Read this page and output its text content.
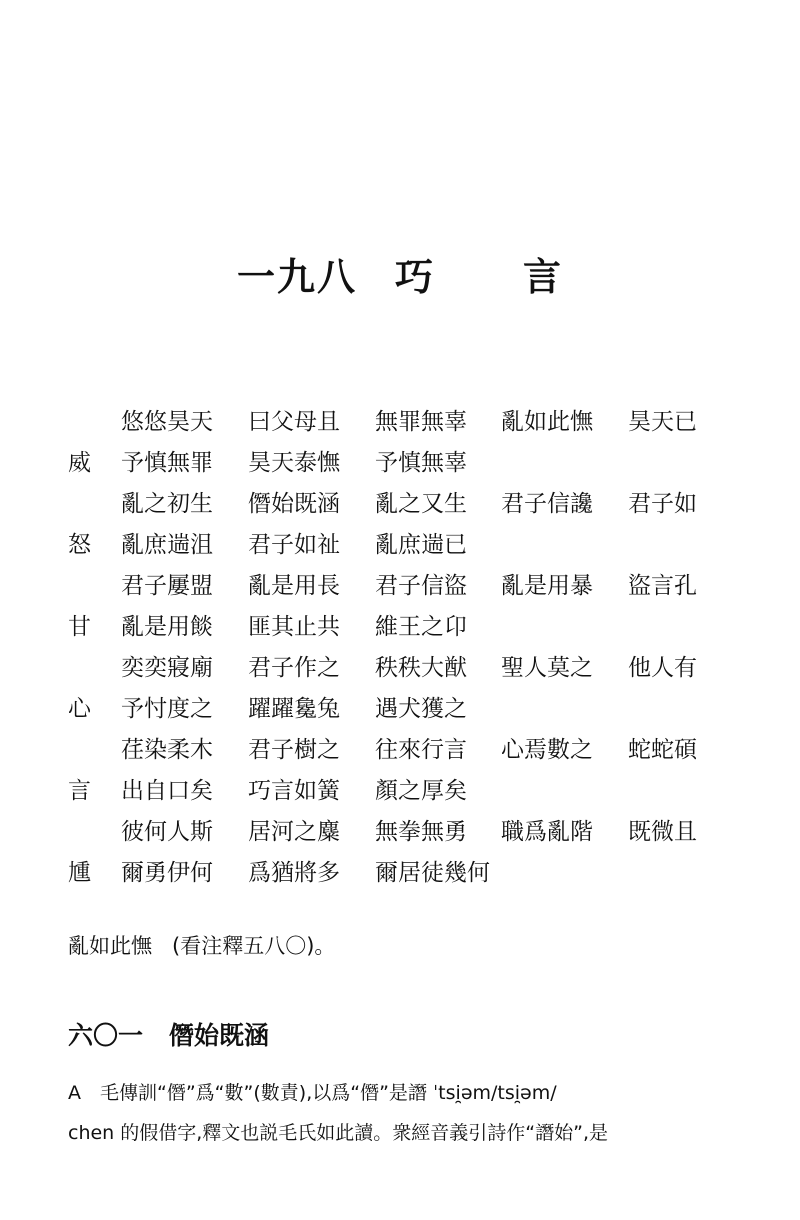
一九八 巧 言
悠悠昊天 曰父母且 無罪無辜 亂如此憮 昊天已
威 予慎無罪 昊天泰憮 予慎無辜
亂之初生 僭始既涵 亂之又生 君子信讒 君子如
怒 亂庶遄沮 君子如祉 亂庶遄已
君子屢盟 亂是用長 君子信盜 亂是用暴 盜言孔
甘 亂是用餤 匪其止共 維王之卬
奕奕寢廟 君子作之 秩秩大猷 聖人莫之 他人有
心 予忖度之 躍躍毚兔 遇犬獲之
荏染柔木 君子樹之 往來行言 心焉數之 蛇蛇碩
言 出自口矣 巧言如簧 顏之厚矣
彼何人斯 居河之麋 無拳無勇 職爲亂階 既微且
尰 爾勇伊何 爲猶將多 爾居徒幾何
亂如此憮 (看注釋五八〇)。
六〇一 僭始既涵
A　毛傳訓“僭”爲“數”(數責),以爲“僭”是譖 ˈtsi̯əm/tsi̯əm/
chen 的假借字,釋文也説毛氏如此讀。衆經音義引詩作“譖始”,是
